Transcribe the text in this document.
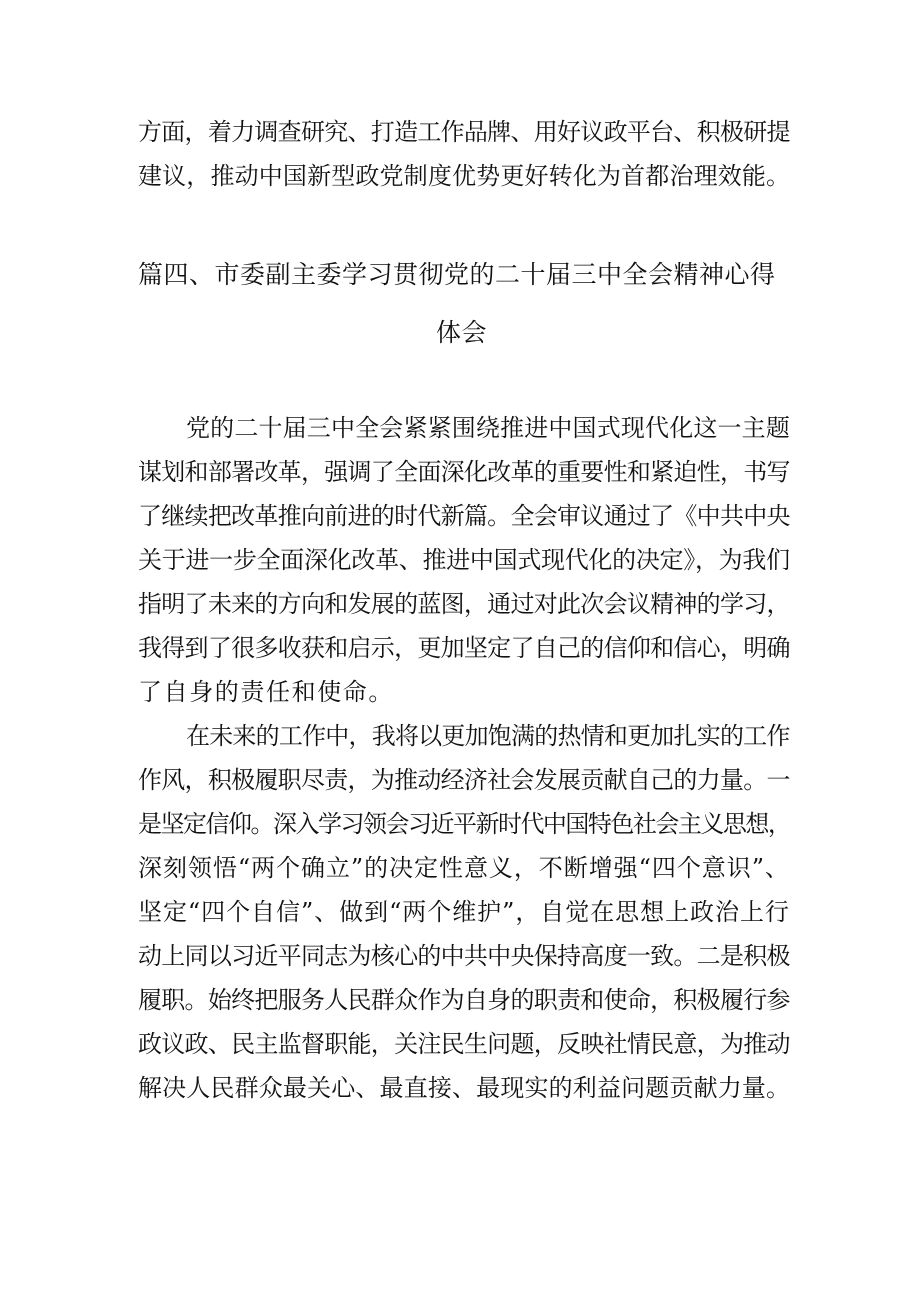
方面，着力调查研究、打造工作品牌、用好议政平台、积极研提
建议，推动中国新型政党制度优势更好转化为首都治理效能。
篇四、市委副主委学习贯彻党的二十届三中全会精神心得
体会
党的二十届三中全会紧紧围绕推进中国式现代化这一主题
谋划和部署改革，强调了全面深化改革的重要性和紧迫性，书写
了继续把改革推向前进的时代新篇。全会审议通过了《中共中央
关于进一步全面深化改革、推进中国式现代化的决定》，为我们
指明了未来的方向和发展的蓝图，通过对此次会议精神的学习，
我得到了很多收获和启示，更加坚定了自己的信仰和信心，明确
了自身的责任和使命。
在未来的工作中，我将以更加饱满的热情和更加扎实的工作
作风，积极履职尽责，为推动经济社会发展贡献自己的力量。一
是坚定信仰。深入学习领会习近平新时代中国特色社会主义思想，
深刻领悟“两个确立”的决定性意义，不断增强“四个意识”、
坚定“四个自信”、做到“两个维护”，自觉在思想上政治上行
动上同以习近平同志为核心的中共中央保持高度一致。二是积极
履职。始终把服务人民群众作为自身的职责和使命，积极履行参
政议政、民主监督职能，关注民生问题，反映社情民意，为推动
解决人民群众最关心、最直接、最现实的利益问题贡献力量。
